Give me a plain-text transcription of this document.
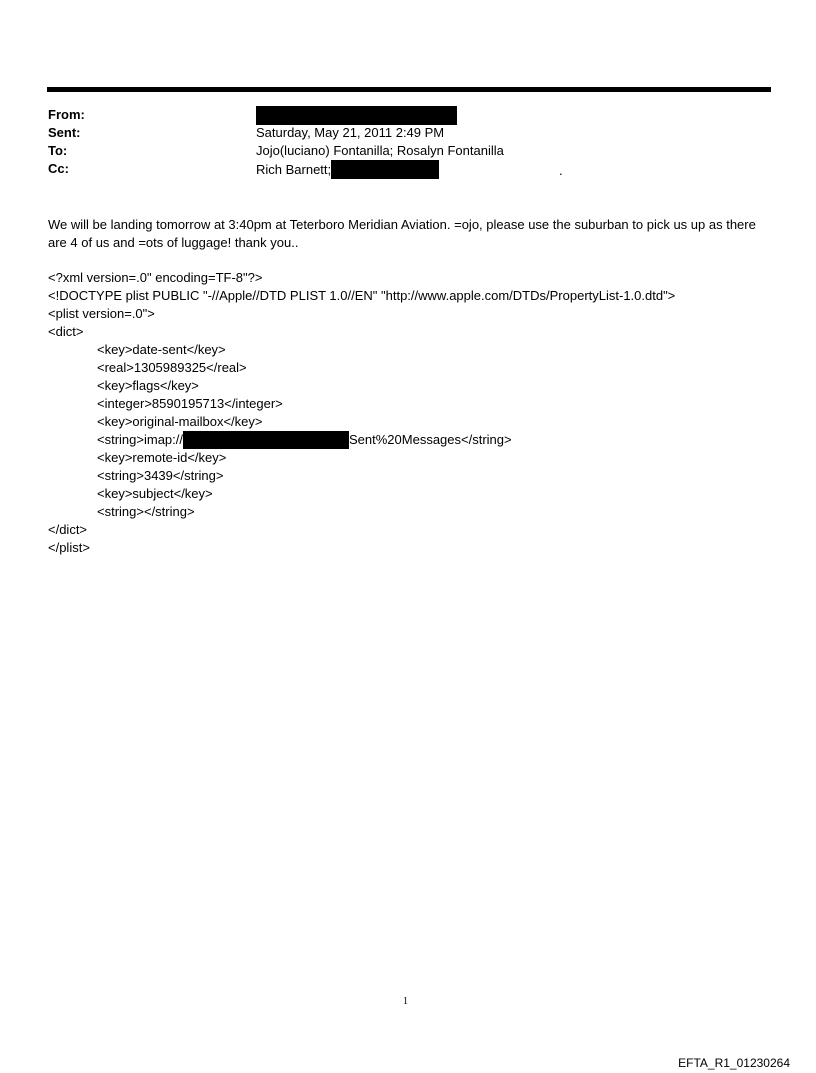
From:
Sent:	Saturday, May 21, 2011 2:49 PM
To:	Jojo(luciano) Fontanilla; Rosalyn Fontanilla
Cc:	Rich Barnett;	.
We will be landing tomorrow at 3:40pm at Teterboro Meridian Aviation. =ojo, please use the suburban to pick us up as there are 4 of us and =ots of luggage! thank you..
<?xml version=.0" encoding=TF-8"?>
<!DOCTYPE plist PUBLIC "-//Apple//DTD PLIST 1.0//EN" "http://www.apple.com/DTDs/PropertyList-1.0.dtd">
<plist version=.0">
<dict>
<key>date-sent</key>
<real>1305989325</real>
<key>flags</key>
<integer>8590195713</integer>
<key>original-mailbox</key>
<string>imap://	Sent%20Messages</string>
<key>remote-id</key>
<string>3439</string>
<key>subject</key>
<string></string>
</dict>
</plist>
1
EFTA_R1_01230264
